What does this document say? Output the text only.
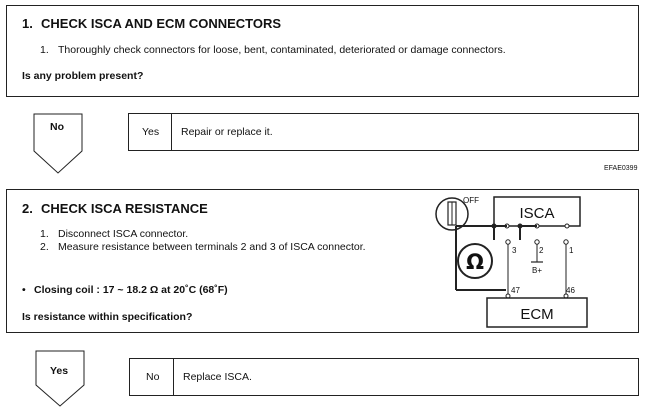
1. CHECK ISCA AND ECM CONNECTORS
1. Thoroughly check connectors for loose, bent, contaminated, deteriorated or damage connectors.
Is any problem present?
No	Yes Repair or replace it.
EFAE0399
2. CHECK ISCA RESISTANCE
1. Disconnect ISCA connector.
2. Measure resistance between terminals 2 and 3 of ISCA connector.
• Closing coil : 17 ~ 18.2 Ω at 20˚C (68˚F)
Is resistance within specification?
OFF
ISCA
Ω	3	2	1
B+
47	46
ECM
Yes	No Replace ISCA.
